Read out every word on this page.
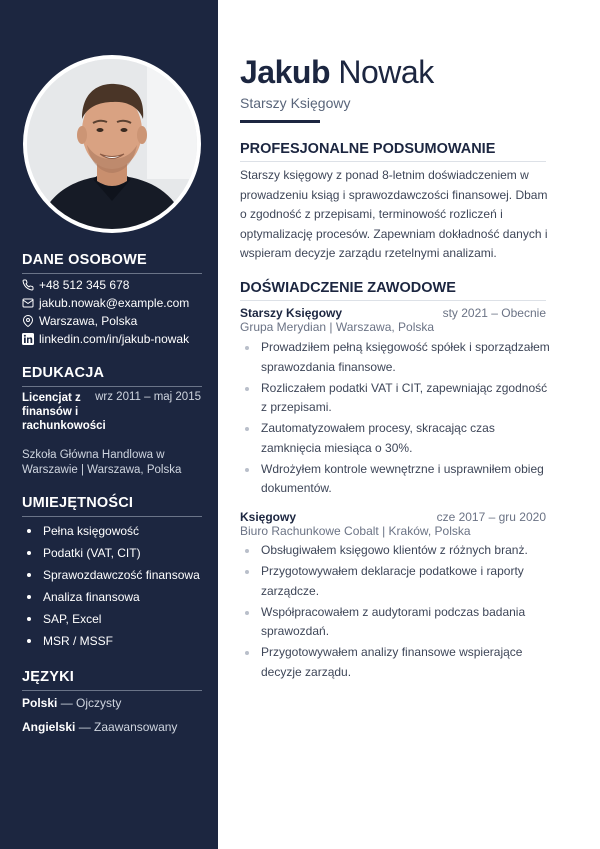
DANE OSOBOWE
+48 512 345 678
jakub.nowak@example.com
Warszawa, Polska
linkedin.com/in/jakub-nowak
EDUKACJA
Licencjat z finansów i rachunkowości
wrz 2011 – maj 2015
Szkoła Główna Handlowa w Warszawie | Warszawa, Polska
UMIEJĘTNOŚCI
Pełna księgowość
Podatki (VAT, CIT)
Sprawozdawczość finansowa
Analiza finansowa
SAP, Excel
MSR / MSSF
JĘZYKI
Polski — Ojczysty
Angielski — Zaawansowany
Jakub Nowak
Starszy Księgowy
PROFESJONALNE PODSUMOWANIE
Starszy księgowy z ponad 8-letnim doświadczeniem w prowadzeniu ksiąg i sprawozdawczości finansowej. Dbam o zgodność z przepisami, terminowość rozliczeń i optymalizację procesów. Zapewniam dokładność danych i wspieram decyzje zarządu rzetelnymi analizami.
DOŚWIADCZENIE ZAWODOWE
Starszy Księgowy	sty 2021 – Obecnie
Grupa Merydian | Warszawa, Polska
Prowadziłem pełną księgowość spółek i sporządzałem sprawozdania finansowe.
Rozliczałem podatki VAT i CIT, zapewniając zgodność z przepisami.
Zautomatyzowałem procesy, skracając czas zamknięcia miesiąca o 30%.
Wdrożyłem kontrole wewnętrzne i usprawniłem obieg dokumentów.
Księgowy	cze 2017 – gru 2020
Biuro Rachunkowe Cobalt | Kraków, Polska
Obsługiwałem księgowo klientów z różnych branż.
Przygotowywałem deklaracje podatkowe i raporty zarządcze.
Współpracowałem z audytorami podczas badania sprawozdań.
Przygotowywałem analizy finansowe wspierające decyzje zarządu.
